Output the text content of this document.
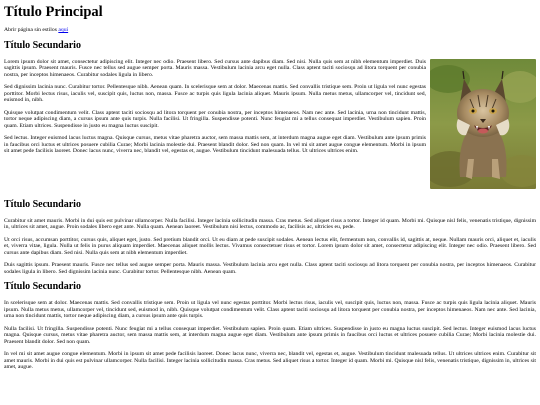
Título Principal

Abrir página sin estilos aquí

Título Secundario

Lorem ipsum dolor sit amet, consectetur adipiscing elit. Integer nec odio. Praesent libero. Sed cursus ante dapibus diam. Sed nisi. Nulla quis sem at nibh elementum imperdiet. Duis sagittis ipsum. Praesent mauris. Fusce nec tellus sed augue semper porta. Mauris massa. Vestibulum lacinia arcu eget nulla. Class aptent taciti sociosqu ad litora torquent per conubia nostra, per inceptos himenaeos. Curabitur sodales ligula in libero.

Sed dignissim lacinia nunc. Curabitur tortor. Pellentesque nibh. Aenean quam. In scelerisque sem at dolor. Maecenas mattis. Sed convallis tristique sem. Proin ut ligula vel nunc egestas porttitor. Morbi lectus risus, iaculis vel, suscipit quis, luctus non, massa. Fusce ac turpis quis ligula lacinia aliquet. Mauris ipsum. Nulla metus metus, ullamcorper vel, tincidunt sed, euismod in, nibh.

Quisque volutpat condimentum velit. Class aptent taciti sociosqu ad litora torquent per conubia nostra, per inceptos himenaeos. Nam nec ante. Sed lacinia, urna non tincidunt mattis, tortor neque adipiscing diam, a cursus ipsum ante quis turpis. Nulla facilisi. Ut fringilla. Suspendisse potenti. Nunc feugiat mi a tellus consequat imperdiet. Vestibulum sapien. Proin quam. Etiam ultrices. Suspendisse in justo eu magna luctus suscipit.

Sed lectus. Integer euismod lacus luctus magna. Quisque cursus, metus vitae pharetra auctor, sem massa mattis sem, at interdum magna augue eget diam. Vestibulum ante ipsum primis in faucibus orci luctus et ultrices posuere cubilia Curae; Morbi lacinia molestie dui. Praesent blandit dolor. Sed non quam. In vel mi sit amet augue congue elementum. Morbi in ipsum sit amet pede facilisis laoreet. Donec lacus nunc, viverra nec, blandit vel, egestas et, augue. Vestibulum tincidunt malesuada tellus. Ut ultrices ultrices enim.

Título Secundario

Curabitur sit amet mauris. Morbi in dui quis est pulvinar ullamcorper. Nulla facilisi. Integer lacinia sollicitudin massa. Cras metus. Sed aliquet risus a tortor. Integer id quam. Morbi mi. Quisque nisl felis, venenatis tristique, dignissim in, ultrices sit amet, augue. Proin sodales libero eget ante. Nulla quam. Aenean laoreet. Vestibulum nisi lectus, commodo ac, facilisis ac, ultricies eu, pede.

Ut orci risus, accumsan porttitor, cursus quis, aliquet eget, justo. Sed pretium blandit orci. Ut eu diam at pede suscipit sodales. Aenean lectus elit, fermentum non, convallis id, sagittis at, neque. Nullam mauris orci, aliquet et, iaculis et, viverra vitae, ligula. Nulla ut felis in purus aliquam imperdiet. Maecenas aliquet mollis lectus. Vivamus consectetuer risus et tortor. Lorem ipsum dolor sit amet, consectetur adipiscing elit. Integer nec odio. Praesent libero. Sed cursus ante dapibus diam. Sed nisi. Nulla quis sem at nibh elementum imperdiet.

Duis sagittis ipsum. Praesent mauris. Fusce nec tellus sed augue semper porta. Mauris massa. Vestibulum lacinia arcu eget nulla. Class aptent taciti sociosqu ad litora torquent per conubia nostra, per inceptos himenaeos. Curabitur sodales ligula in libero. Sed dignissim lacinia nunc. Curabitur tortor. Pellentesque nibh. Aenean quam.

Título Secundario

In scelerisque sem at dolor. Maecenas mattis. Sed convallis tristique sem. Proin ut ligula vel nunc egestas porttitor. Morbi lectus risus, iaculis vel, suscipit quis, luctus non, massa. Fusce ac turpis quis ligula lacinia aliquet. Mauris ipsum. Nulla metus metus, ullamcorper vel, tincidunt sed, euismod in, nibh. Quisque volutpat condimentum velit. Class aptent taciti sociosqu ad litora torquent per conubia nostra, per inceptos himenaeos. Nam nec ante. Sed lacinia, urna non tincidunt mattis, tortor neque adipiscing diam, a cursus ipsum ante quis turpis.

Nulla facilisi. Ut fringilla. Suspendisse potenti. Nunc feugiat mi a tellus consequat imperdiet. Vestibulum sapien. Proin quam. Etiam ultrices. Suspendisse in justo eu magna luctus suscipit. Sed lectus. Integer euismod lacus luctus magna. Quisque cursus, metus vitae pharetra auctor, sem massa mattis sem, at interdum magna augue eget diam. Vestibulum ante ipsum primis in faucibus orci luctus et ultrices posuere cubilia Curae; Morbi lacinia molestie dui. Praesent blandit dolor. Sed non quam.

In vel mi sit amet augue congue elementum. Morbi in ipsum sit amet pede facilisis laoreet. Donec lacus nunc, viverra nec, blandit vel, egestas et, augue. Vestibulum tincidunt malesuada tellus. Ut ultrices ultrices enim. Curabitur sit amet mauris. Morbi in dui quis est pulvinar ullamcorper. Nulla facilisi. Integer lacinia sollicitudin massa. Cras metus. Sed aliquet risus a tortor. Integer id quam. Morbi mi. Quisque nisl felis, venenatis tristique, dignissim in, ultrices sit amet, augue.
